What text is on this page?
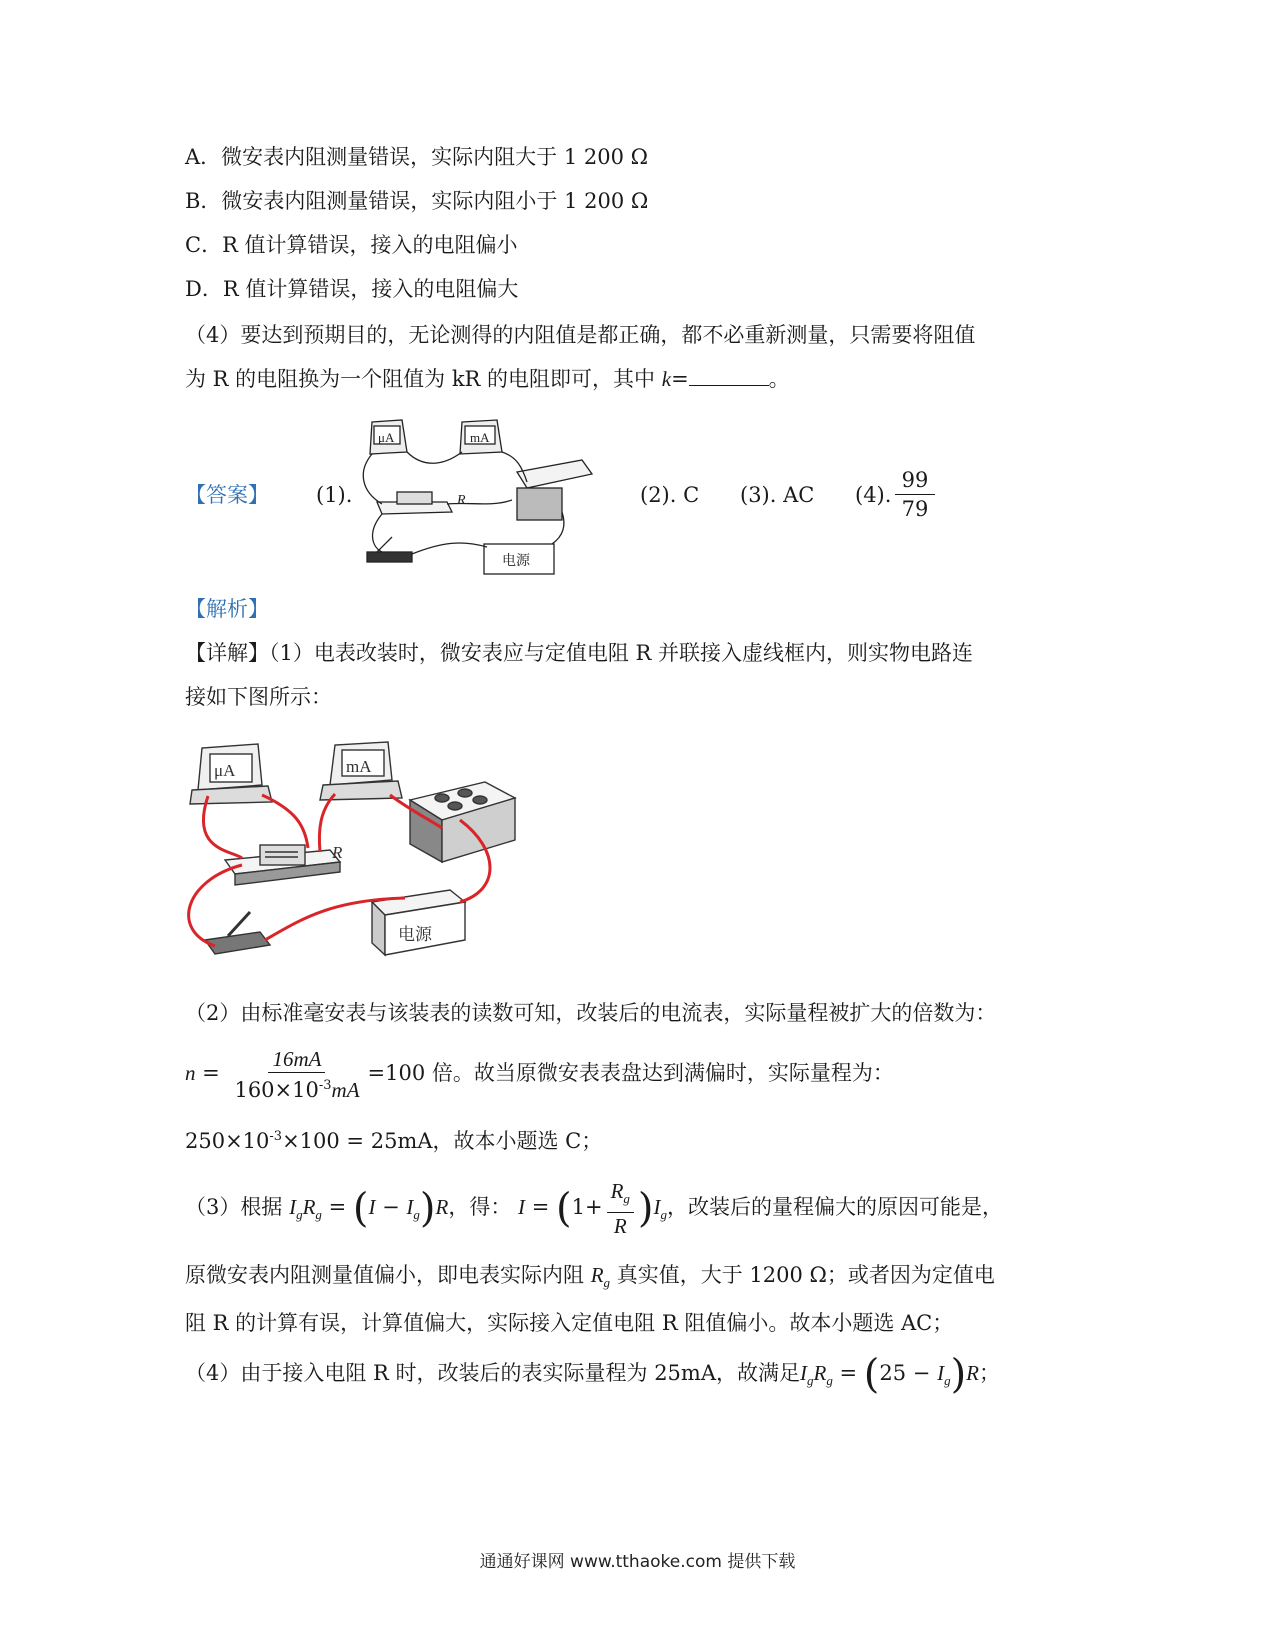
A．微安表内阻测量错误，实际内阻大于 1 200 Ω
B．微安表内阻测量错误，实际内阻小于 1 200 Ω
C．R 值计算错误，接入的电阻偏小
D．R 值计算错误，接入的电阻偏大
（4）要达到预期目的，无论测得的内阻值是都正确，都不必重新测量，只需要将阻值
为 R 的电阻换为一个阻值为 kR 的电阻即可，其中 k=	。
【答案】 (1).
μA	mA
R
电源
(2). C (3). AC (4). $\frac{99}{79}$
【解析】
【详解】（1）电表改装时，微安表应与定值电阻 R 并联接入虚线框内，则实物电路连
接如下图所示：
μA	mA
R
电源
（2）由标准毫安表与该装表的读数可知，改装后的电流表，实际量程被扩大的倍数为：
$n = \frac{16mA}{160\times 10^{-3}mA} =100$ 倍。故当原微安表表盘达到满偏时，实际量程为：
$250\times 10^{-3}\times 100 = 25mA$，故本小题选 C；
（3）根据 $I_gR_g = (I - I_g)R$，得： $I = (1+ \frac{R_g}{R} )I_g$，改装后的量程偏大的原因可能是，
原微安表内阻测量值偏小，即电表实际内阻 $R_g$ 真实值，大于 1200 Ω；或者因为定值电
阻 R 的计算有误，计算值偏大，实际接入定值电阻 R 阻值偏小。故本小题选 AC；
（4）由于接入电阻 R 时，改装后的表实际量程为 25mA，故满足$I_gR_g = (25 - I_g)R$；
通通好课网 www.tthaoke.com 提供下载
